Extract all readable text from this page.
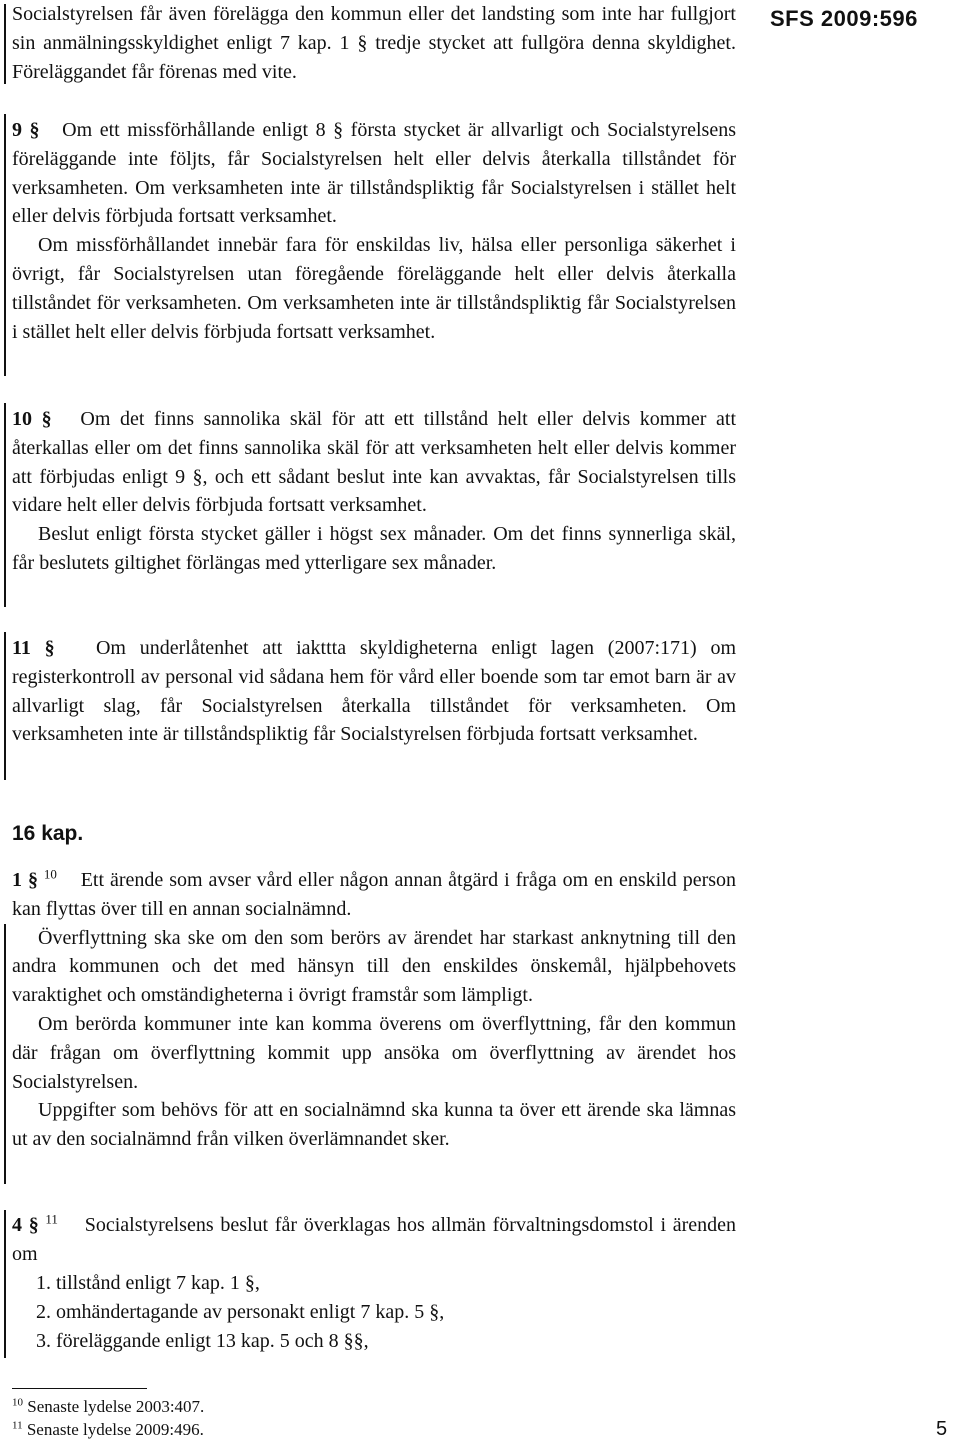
SFS 2009:596
Socialstyrelsen får även förelägga den kommun eller det landsting som inte har fullgjort sin anmälningsskyldighet enligt 7 kap. 1 § tredje stycket att fullgöra denna skyldighet. Föreläggandet får förenas med vite.
9 § Om ett missförhållande enligt 8 § första stycket är allvarligt och Socialstyrelsens föreläggande inte följts, får Socialstyrelsen helt eller delvis återkalla tillståndet för verksamheten. Om verksamheten inte är tillståndspliktig får Socialstyrelsen i stället helt eller delvis förbjuda fortsatt verksamhet.
Om missförhållandet innebär fara för enskildas liv, hälsa eller personliga säkerhet i övrigt, får Socialstyrelsen utan föregående föreläggande helt eller delvis återkalla tillståndet för verksamheten. Om verksamheten inte är tillståndspliktig får Socialstyrelsen i stället helt eller delvis förbjuda fortsatt verksamhet.
10 § Om det finns sannolika skäl för att ett tillstånd helt eller delvis kommer att återkallas eller om det finns sannolika skäl för att verksamheten helt eller delvis kommer att förbjudas enligt 9 §, och ett sådant beslut inte kan avvaktas, får Socialstyrelsen tills vidare helt eller delvis förbjuda fortsatt verksamhet.
Beslut enligt första stycket gäller i högst sex månader. Om det finns synnerliga skäl, får beslutets giltighet förlängas med ytterligare sex månader.
11 § Om underlåtenhet att iakttta skyldigheterna enligt lagen (2007:171) om registerkontroll av personal vid sådana hem för vård eller boende som tar emot barn är av allvarligt slag, får Socialstyrelsen återkalla tillståndet för verksamheten. Om verksamheten inte är tillståndspliktig får Socialstyrelsen förbjuda fortsatt verksamhet.
16 kap.
1 § $^{10}$ Ett ärende som avser vård eller någon annan åtgärd i fråga om en enskild person kan flyttas över till en annan socialnämnd.
Överflyttning ska ske om den som berörs av ärendet har starkast anknytning till den andra kommunen och det med hänsyn till den enskildes önskemål, hjälpbehovets varaktighet och omständigheterna i övrigt framstår som lämpligt.
Om berörda kommuner inte kan komma överens om överflyttning, får den kommun där frågan om överflyttning kommit upp ansöka om överflyttning av ärendet hos Socialstyrelsen.
Uppgifter som behövs för att en socialnämnd ska kunna ta över ett ärende ska lämnas ut av den socialnämnd från vilken överlämnandet sker.
4 § $^{11}$ Socialstyrelsens beslut får överklagas hos allmän förvaltningsdomstol i ärenden om
1. tillstånd enligt 7 kap. 1 §,
2. omhändertagande av personakt enligt 7 kap. 5 §,
3. föreläggande enligt 13 kap. 5 och 8 §§,
$^{10}$ Senaste lydelse 2003:407.
$^{11}$ Senaste lydelse 2009:496.	5
